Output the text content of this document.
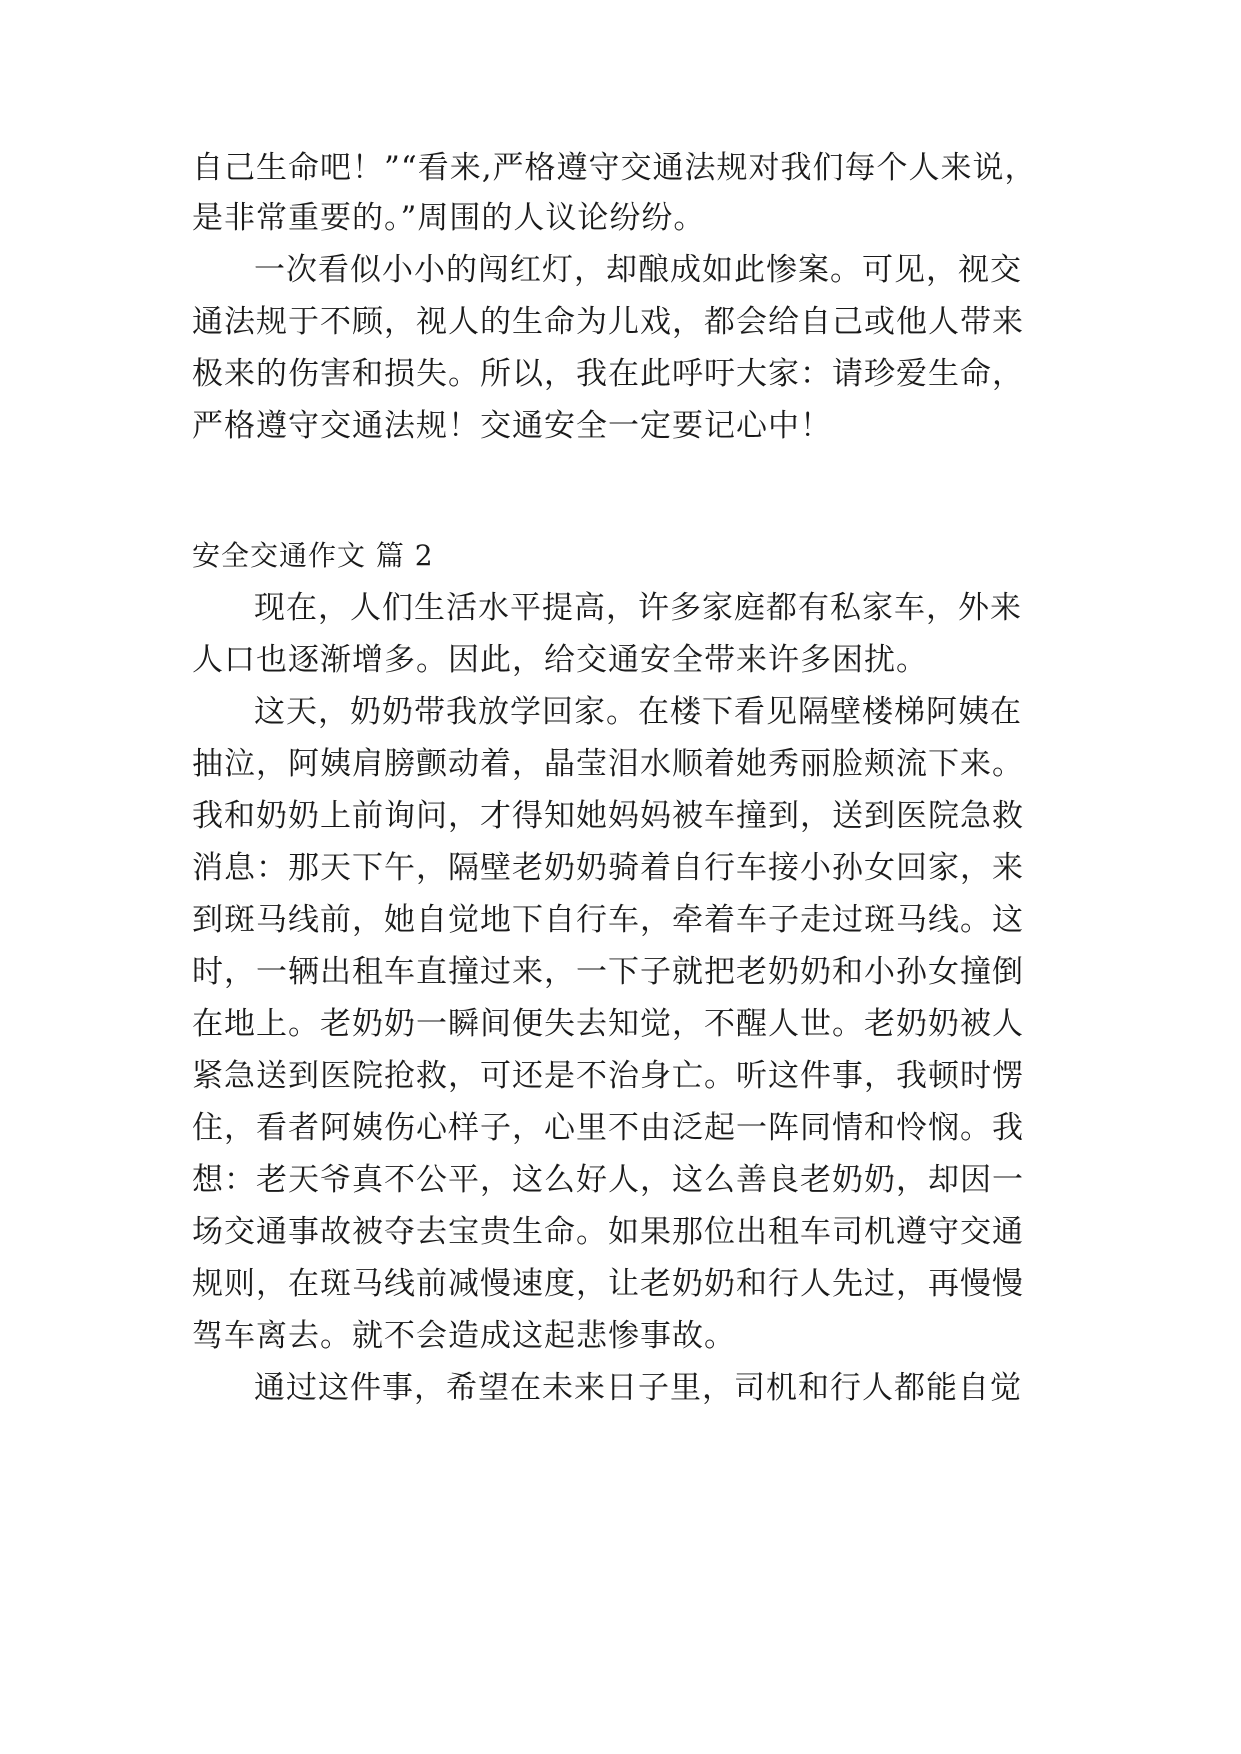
自己生命吧！”“看来,严格遵守交通法规对我们每个人来说，
是非常重要的。”周围的人议论纷纷。
一次看似小小的闯红灯，却酿成如此惨案。可见，视交
通法规于不顾，视人的生命为儿戏，都会给自己或他人带来
极来的伤害和损失。所以，我在此呼吁大家：请珍爱生命，
严格遵守交通法规！交通安全一定要记心中！
安全交通作文 篇 2
现在，人们生活水平提高，许多家庭都有私家车，外来
人口也逐渐增多。因此，给交通安全带来许多困扰。
这天，奶奶带我放学回家。在楼下看见隔壁楼梯阿姨在
抽泣，阿姨肩膀颤动着，晶莹泪水顺着她秀丽脸颊流下来。
我和奶奶上前询问，才得知她妈妈被车撞到，送到医院急救
消息：那天下午，隔壁老奶奶骑着自行车接小孙女回家，来
到斑马线前，她自觉地下自行车，牵着车子走过斑马线。这
时，一辆出租车直撞过来，一下子就把老奶奶和小孙女撞倒
在地上。老奶奶一瞬间便失去知觉，不醒人世。老奶奶被人
紧急送到医院抢救，可还是不治身亡。听这件事，我顿时愣
住，看者阿姨伤心样子，心里不由泛起一阵同情和怜悯。我
想：老天爷真不公平，这么好人，这么善良老奶奶，却因一
场交通事故被夺去宝贵生命。如果那位出租车司机遵守交通
规则，在斑马线前减慢速度，让老奶奶和行人先过，再慢慢
驾车离去。就不会造成这起悲惨事故。
通过这件事，希望在未来日子里，司机和行人都能自觉
